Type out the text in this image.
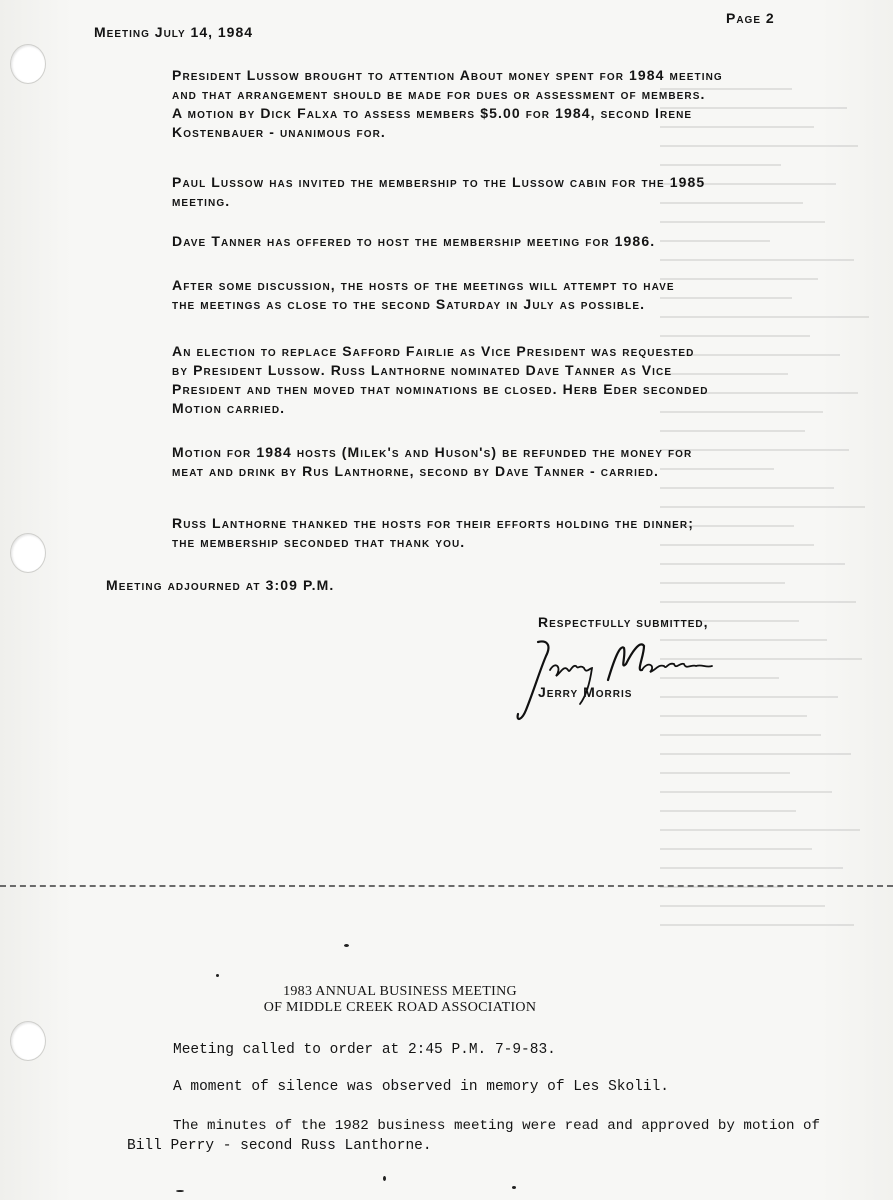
Meeting July 14, 1984
Page 2

President Lussow brought to attention About money spent for 1984 meeting

and that arrangement should be made for dues or assessment of members.

A motion by Dick Falxa to assess members $5.00 for 1984, second Irene

Kostenbauer - unanimous for.

Paul Lussow has invited the membership to the Lussow cabin for the 1985

meeting.

Dave Tanner has offered to host the membership meeting for 1986.

After some discussion, the hosts of the meetings will attempt to have

the meetings as close to the second Saturday in July as possible.

An election to replace Safford Fairlie as Vice President was requested

by President Lussow. Russ Lanthorne nominated Dave Tanner as Vice

President and then moved that nominations be closed. Herb Eder seconded

Motion carried.

Motion for 1984 hosts (Milek's and Huson's) be refunded the money for

meat and drink by Rus Lanthorne, second by Dave Tanner - carried.

Russ Lanthorne thanked the hosts for their efforts holding the dinner;

the membership seconded that thank you.

Meeting adjourned at 3:09 P.M.
Respectfully submitted,
Jerry Morris
1983 ANNUAL BUSINESS MEETING
OF MIDDLE CREEK ROAD ASSOCIATION
Meeting called to order at 2:45 P.M. 7-9-83.
A moment of silence was observed in memory of Les Skolil.
The minutes of the 1982 business meeting were read and approved by motion of
Bill Perry - second Russ Lanthorne.
